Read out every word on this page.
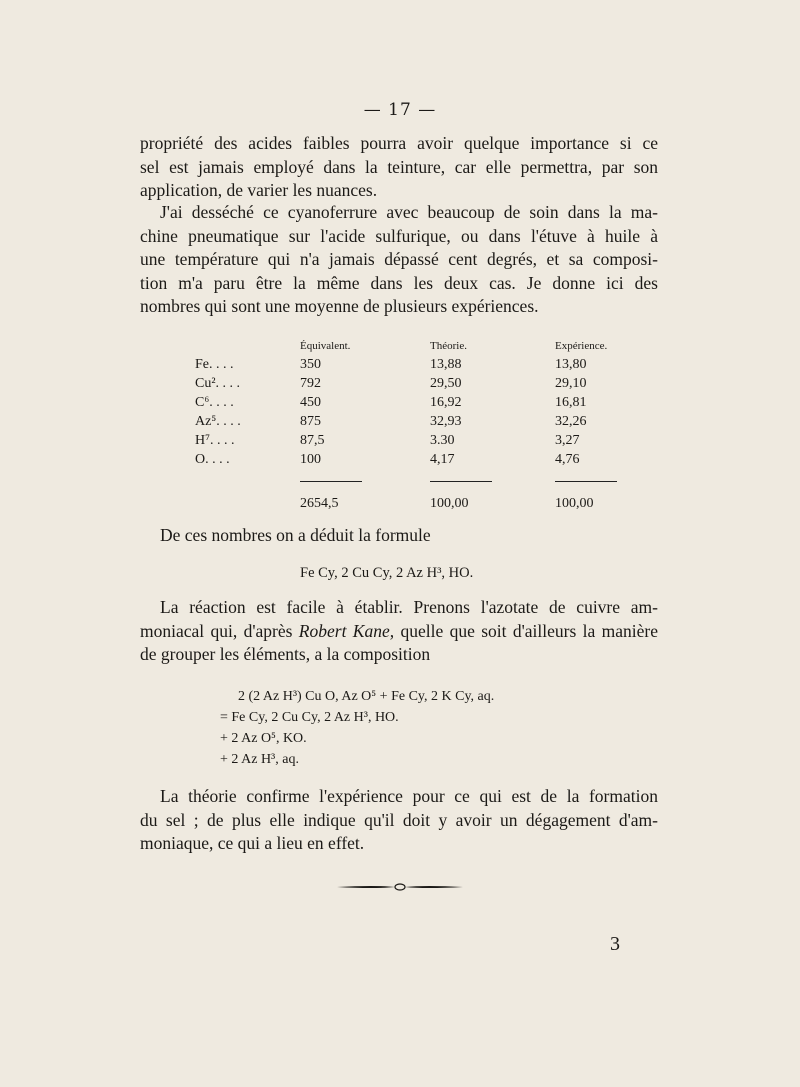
— 17 —
propriété des acides faibles pourra avoir quelque importance si ce
sel est jamais employé dans la teinture, car elle permettra, par son
application, de varier les nuances.
J'ai desséché ce cyanoferrure avec beaucoup de soin dans la ma-
chine pneumatique sur l'acide sulfurique, ou dans l'étuve à huile à
une température qui n'a jamais dépassé cent degrés, et sa composi-
tion m'a paru être la même dans les deux cas. Je donne ici des
nombres qui sont une moyenne de plusieurs expériences.
	Équivalent.	Théorie.	Expérience.
Fe. . . .	350	13,88	13,80
Cu². . . .	792	29,50	29,10
C⁶. . . .	450	16,92	16,81
Az⁵. . . .	875	32,93	32,26
H⁷. . . .	87,5	3.30	3,27
O. . . .	100	4,17	4,76

	2654,5	100,00	100,00
De ces nombres on a déduit la formule
Fe Cy, 2 Cu Cy, 2 Az H³, HO.
La réaction est facile à établir. Prenons l'azotate de cuivre am-
moniacal qui, d'après Robert Kane, quelle que soit d'ailleurs la manière
de grouper les éléments, a la composition
2 (2 Az H³) Cu O, Az O⁵ + Fe Cy, 2 K Cy, aq.
= Fe Cy, 2 Cu Cy, 2 Az H³, HO.
+ 2 Az O⁵, KO.
+ 2 Az H³, aq.
La théorie confirme l'expérience pour ce qui est de la formation
du sel ; de plus elle indique qu'il doit y avoir un dégagement d'am-
moniaque, ce qui a lieu en effet.
3
